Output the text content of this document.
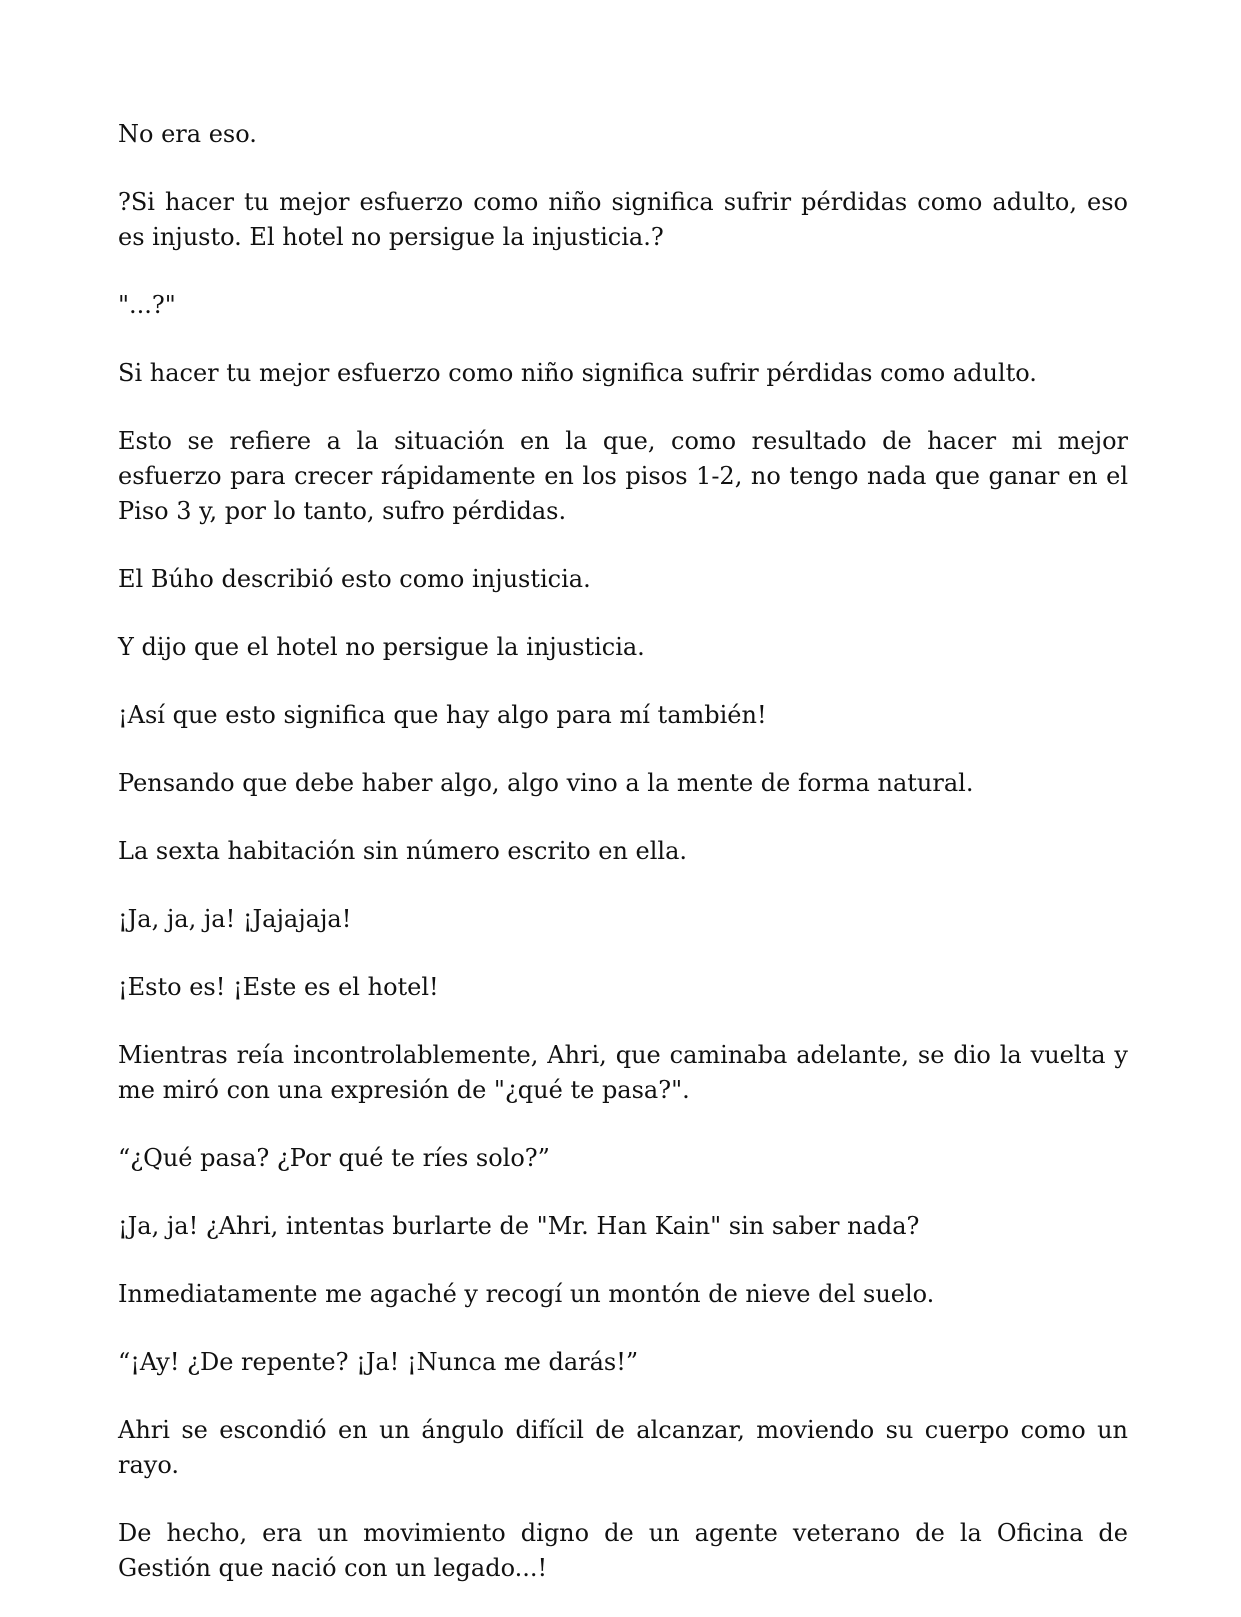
No era eso.

?Si hacer tu mejor esfuerzo como niño significa sufrir pérdidas como adulto, eso es injusto. El hotel no persigue la injusticia.?

"...?"

Si hacer tu mejor esfuerzo como niño significa sufrir pérdidas como adulto.

Esto se refiere a la situación en la que, como resultado de hacer mi mejor esfuerzo para crecer rápidamente en los pisos 1-2, no tengo nada que ganar en el Piso 3 y, por lo tanto, sufro pérdidas.

El Búho describió esto como injusticia.

Y dijo que el hotel no persigue la injusticia.

¡Así que esto significa que hay algo para mí también!

Pensando que debe haber algo, algo vino a la mente de forma natural.

La sexta habitación sin número escrito en ella.

¡Ja, ja, ja! ¡Jajajaja!

¡Esto es! ¡Este es el hotel!

Mientras reía incontrolablemente, Ahri, que caminaba adelante, se dio la vuelta y me miró con una expresión de "¿qué te pasa?".

“¿Qué pasa? ¿Por qué te ríes solo?”

¡Ja, ja! ¿Ahri, intentas burlarte de "Mr. Han Kain" sin saber nada?

Inmediatamente me agaché y recogí un montón de nieve del suelo.

“¡Ay! ¿De repente? ¡Ja! ¡Nunca me darás!”

Ahri se escondió en un ángulo difícil de alcanzar, moviendo su cuerpo como un rayo.

De hecho, era un movimiento digno de un agente veterano de la Oficina de Gestión que nació con un legado...!
